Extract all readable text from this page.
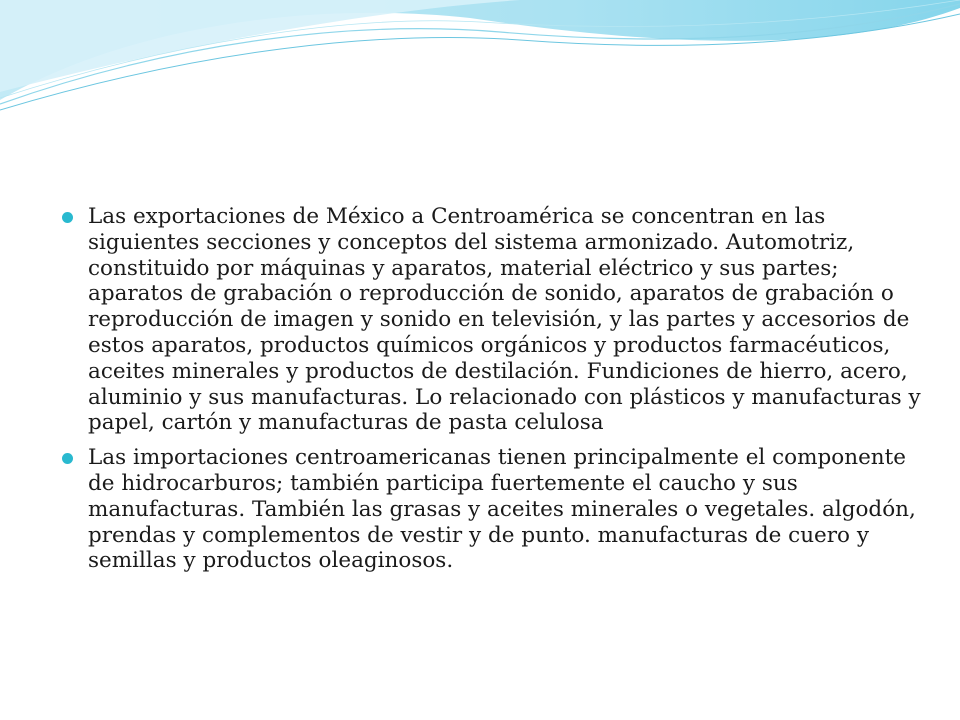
Las exportaciones de México a Centroamérica se concentran en las siguientes secciones y conceptos del sistema armonizado. Automotriz, constituido por máquinas y aparatos, material eléctrico y sus partes; aparatos de grabación o reproducción de sonido, aparatos de grabación o reproducción de imagen y sonido en televisión, y las partes y accesorios de estos aparatos, productos químicos orgánicos y productos farmacéuticos, aceites minerales y productos de destilación. Fundiciones de hierro, acero, aluminio y sus manufacturas. Lo relacionado con plásticos y manufacturas y papel, cartón y manufacturas de pasta celulosa
Las importaciones centroamericanas tienen principalmente el componente de hidrocarburos; también participa fuertemente el caucho y sus manufacturas. También las grasas y aceites minerales o vegetales. algodón, prendas y complementos de vestir y de punto. manufacturas de cuero y semillas y productos oleaginosos.
